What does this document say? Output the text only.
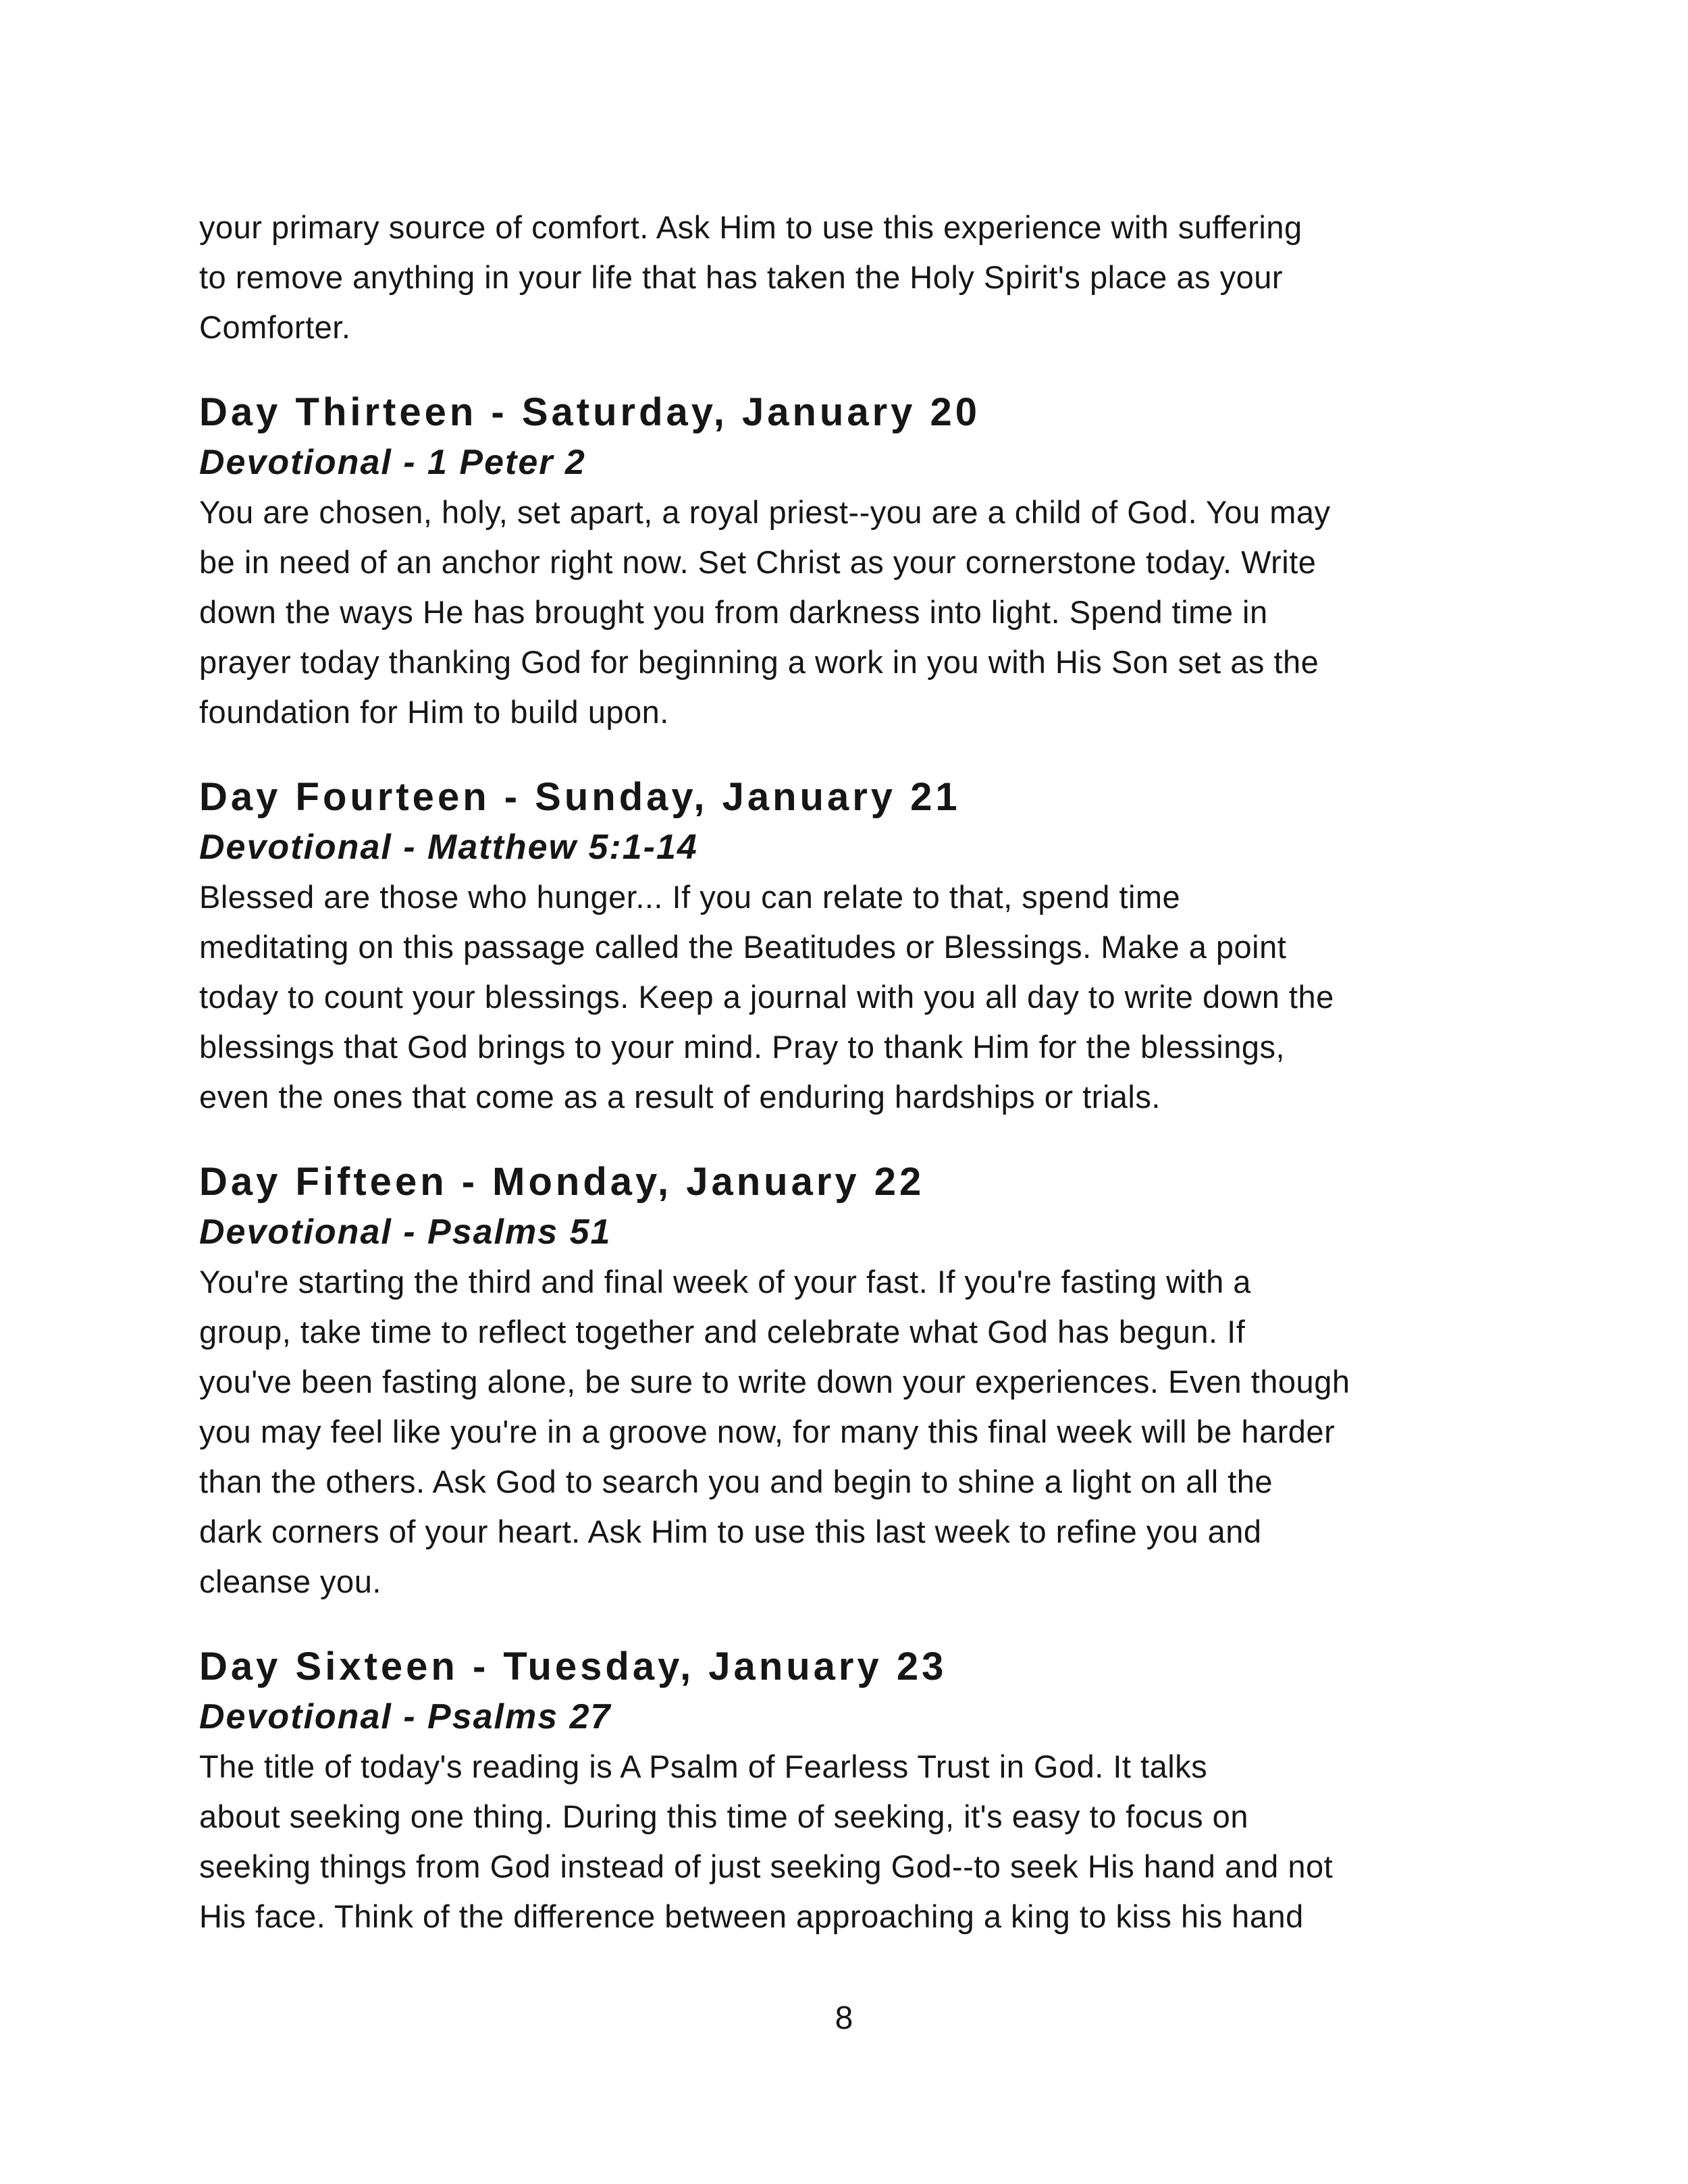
your primary source of comfort. Ask Him to use this experience with suffering
to remove anything in your life that has taken the Holy Spirit's place as your
Comforter.
Day Thirteen - Saturday, January 20
Devotional - 1 Peter 2
You are chosen, holy, set apart, a royal priest--you are a child of God. You may
be in need of an anchor right now. Set Christ as your cornerstone today. Write
down the ways He has brought you from darkness into light. Spend time in
prayer today thanking God for beginning a work in you with His Son set as the
foundation for Him to build upon.
Day Fourteen - Sunday, January 21
Devotional - Matthew 5:1-14
Blessed are those who hunger... If you can relate to that, spend time
meditating on this passage called the Beatitudes or Blessings. Make a point
today to count your blessings. Keep a journal with you all day to write down the
blessings that God brings to your mind. Pray to thank Him for the blessings,
even the ones that come as a result of enduring hardships or trials.
Day Fifteen - Monday, January 22
Devotional - Psalms 51
You're starting the third and final week of your fast. If you're fasting with a
group, take time to reflect together and celebrate what God has begun. If
you've been fasting alone, be sure to write down your experiences. Even though
you may feel like you're in a groove now, for many this final week will be harder
than the others. Ask God to search you and begin to shine a light on all the
dark corners of your heart. Ask Him to use this last week to refine you and
cleanse you.
Day Sixteen - Tuesday, January 23
Devotional - Psalms 27
The title of today's reading is A Psalm of Fearless Trust in God. It talks
about seeking one thing. During this time of seeking, it's easy to focus on
seeking things from God instead of just seeking God--to seek His hand and not
His face. Think of the difference between approaching a king to kiss his hand
8
